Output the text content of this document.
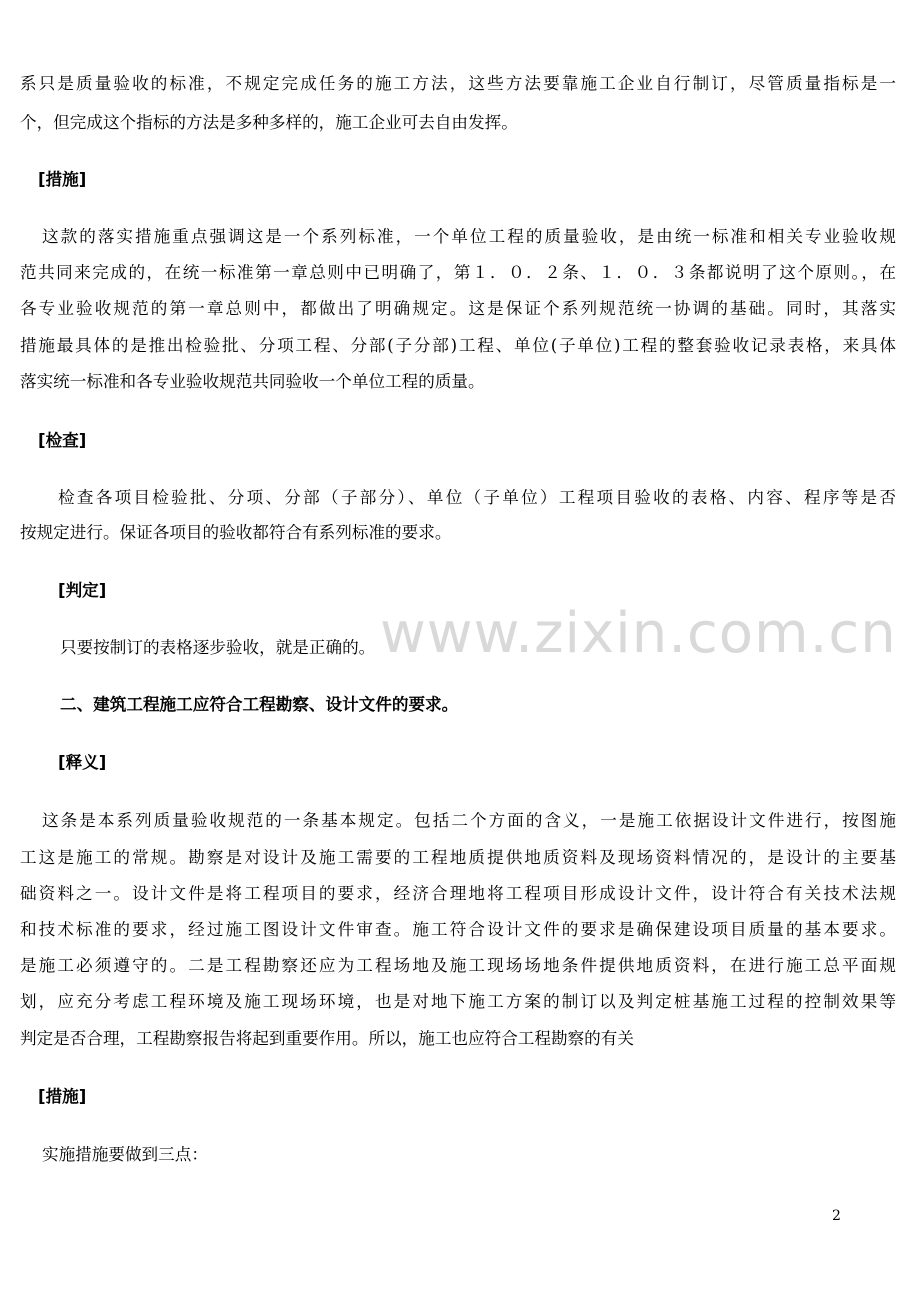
www.zixin.com.cn
系只是质量验收的标准，不规定完成任务的施工方法，这些方法要靠施工企业自行制订，尽管质量指标是一
个，但完成这个指标的方法是多种多样的，施工企业可去自由发挥。
[措施]
这款的落实措施重点强调这是一个系列标准，一个单位工程的质量验收，是由统一标准和相关专业验收规
范共同来完成的，在统一标准第一章总则中已明确了，第１．０．２条、１．０．３条都说明了这个原则。，在
各专业验收规范的第一章总则中，都做出了明确规定。这是保证个系列规范统一协调的基础。同时，其落实
措施最具体的是推出检验批、分项工程、分部(子分部)工程、单位(子单位)工程的整套验收记录表格，来具体
落实统一标准和各专业验收规范共同验收一个单位工程的质量。
[检查]
检查各项目检验批、分项、分部（子部分）、单位（子单位）工程项目验收的表格、内容、程序等是否
按规定进行。保证各项目的验收都符合有系列标准的要求。
[判定]
只要按制订的表格逐步验收，就是正确的。
二、建筑工程施工应符合工程勘察、设计文件的要求。
[释义]
这条是本系列质量验收规范的一条基本规定。包括二个方面的含义，一是施工依据设计文件进行，按图施
工这是施工的常规。勘察是对设计及施工需要的工程地质提供地质资料及现场资料情况的，是设计的主要基
础资料之一。设计文件是将工程项目的要求，经济合理地将工程项目形成设计文件，设计符合有关技术法规
和技术标准的要求，经过施工图设计文件审查。施工符合设计文件的要求是确保建设项目质量的基本要求。
是施工必须遵守的。二是工程勘察还应为工程场地及施工现场场地条件提供地质资料，在进行施工总平面规
划，应充分考虑工程环境及施工现场环境，也是对地下施工方案的制订以及判定桩基施工过程的控制效果等
判定是否合理，工程勘察报告将起到重要作用。所以，施工也应符合工程勘察的有关
[措施]
实施措施要做到三点：
2
